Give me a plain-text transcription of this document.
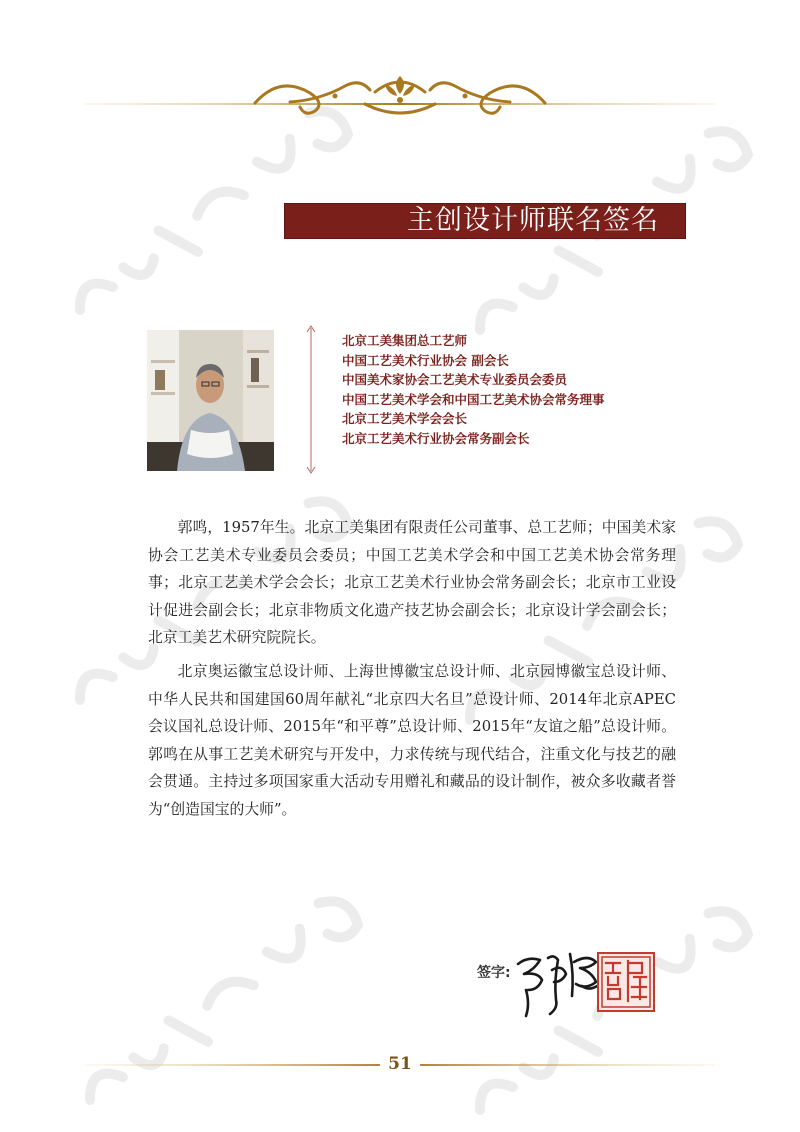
主创设计师联名签名
北京工美集团总工艺师
中国工艺美术行业协会 副会长
中国美术家协会工艺美术专业委员会委员
中国工艺美术学会和中国工艺美术协会常务理事
北京工艺美术学会会长
北京工艺美术行业协会常务副会长

郭鸣，1957年生。北京工美集团有限责任公司董事、总工艺师；中国美术家协会工艺美术专业委员会委员；中国工艺美术学会和中国工艺美术协会常务理事；北京工艺美术学会会长；北京工艺美术行业协会常务副会长；北京市工业设计促进会副会长；北京非物质文化遗产技艺协会副会长；北京设计学会副会长；北京工美艺术研究院院长。

北京奥运徽宝总设计师、上海世博徽宝总设计师、北京园博徽宝总设计师、中华人民共和国建国60周年献礼“北京四大名旦”总设计师、2014年北京APEC会议国礼总设计师、2015年“和平尊”总设计师、2015年“友谊之船”总设计师。郭鸣在从事工艺美术研究与开发中，力求传统与现代结合，注重文化与技艺的融会贯通。主持过多项国家重大活动专用赠礼和藏品的设计制作，被众多收藏者誉为“创造国宝的大师”。

签字:
51
